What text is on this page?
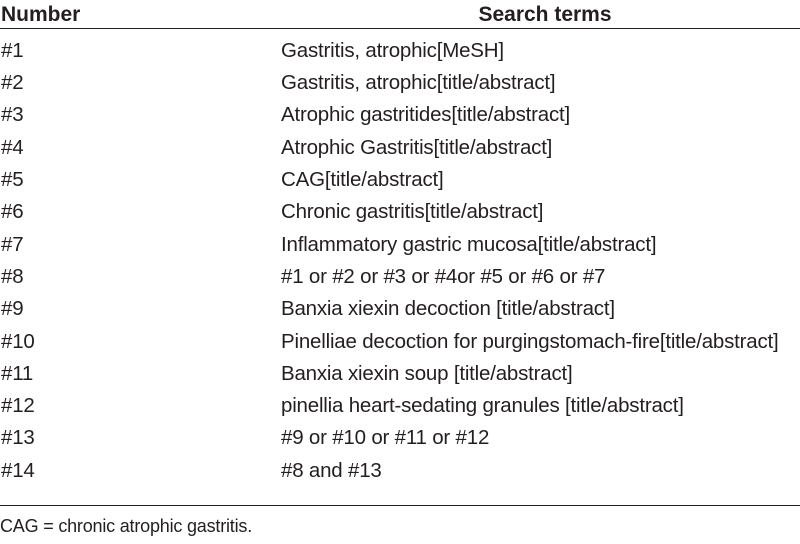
Number	Search terms
#1	Gastritis, atrophic[MeSH]
#2	Gastritis, atrophic[title/abstract]
#3	Atrophic gastritides[title/abstract]
#4	Atrophic Gastritis[title/abstract]
#5	CAG[title/abstract]
#6	Chronic gastritis[title/abstract]
#7	Inflammatory gastric mucosa[title/abstract]
#8	#1 or #2 or #3 or #4or #5 or #6 or #7
#9	Banxia xiexin decoction [title/abstract]
#10	Pinelliae decoction for purgingstomach-fire[title/abstract]
#11	Banxia xiexin soup [title/abstract]
#12	pinellia heart-sedating granules [title/abstract]
#13	#9 or #10 or #11 or #12
#14	#8 and #13
CAG = chronic atrophic gastritis.
